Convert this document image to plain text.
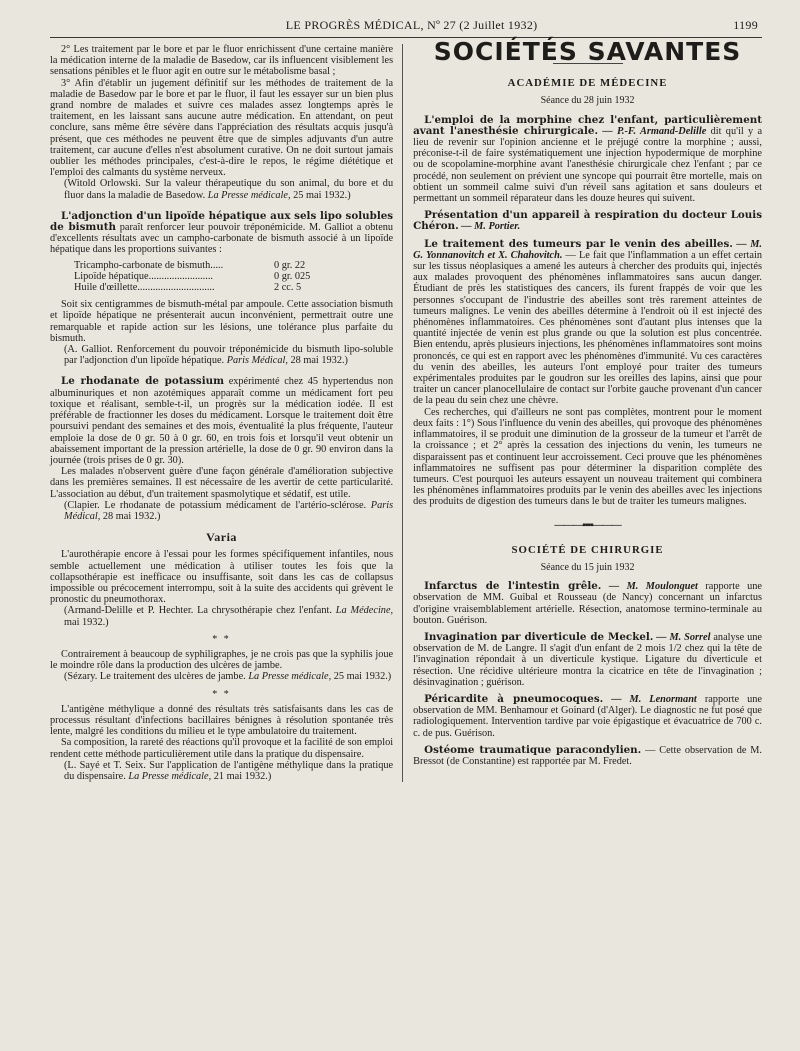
LE PROGRÈS MÉDICAL, Nº 27 (2 Juillet 1932)	1199

2° Les traitement par le bore et par le fluor enrichissent d'une certaine manière la médication interne de la maladie de Basedow, car ils influencent visiblement les sensations pénibles et le fluor agit en outre sur le métabolisme basal ;

3° Afin d'établir un jugement définitif sur les méthodes de traitement de la maladie de Basedow par le bore et par le fluor, il faut les essayer sur un bien plus grand nombre de malades et suivre ces malades assez longtemps après le traitement, en les laissant sans aucune autre médication. En attendant, on peut conclure, sans même être sévère dans l'appréciation des résultats acquis jusqu'à présent, que ces méthodes ne peuvent être que de simples adjuvants d'un autre traitement, car aucune d'elles n'est absolument curative. On ne doit surtout jamais oublier les méthodes principales, c'est-à-dire le repos, le régime diététique et l'emploi des calmants du système nerveux.

(Witold Orlowski. Sur la valeur thérapeutique du son animal, du bore et du fluor dans la maladie de Basedow. La Presse médicale, 25 mai 1932.)

L'adjonction d'un lipoïde hépatique aux sels lipo solubles de bismuth paraît renforcer leur pouvoir tréponémicide. M. Galliot a obtenu d'excellents résultats avec un campho-carbonate de bismuth associé à un lipoïde hépatique dans les proportions suivantes :

Tricampho-carbonate de bismuth.....	0 gr. 22
Lipoïde hépatique.........................	0 gr. 025
Huile d'œillette..............................	2 cc. 5

Soit six centigrammes de bismuth-métal par ampoule. Cette association bismuth et lipoïde hépatique ne présenterait aucun inconvénient, permettrait outre une remarquable et rapide action sur les lésions, une tolérance plus parfaite du bismuth.

(A. Galliot. Renforcement du pouvoir tréponémicide du bismuth lipo-soluble par l'adjonction d'un lipoïde hépatique. Paris Médical, 28 mai 1932.)

Le rhodanate de potassium expérimenté chez 45 hypertendus non albuminuriques et non azotémiques apparaît comme un médicament fort peu toxique et réalisant, semble-t-il, un progrès sur la médication iodée. Il est préférable de fractionner les doses du médicament. Lorsque le traitement doit être poursuivi pendant des semaines et des mois, éventualité la plus fréquente, l'auteur emploie la dose de 0 gr. 50 à 0 gr. 60, en trois fois et lorsqu'il veut obtenir un abaissement important de la pression artérielle, la dose de 0 gr. 90 environ dans la journée (trois prises de 0 gr. 30).

Les malades n'observent guère d'une façon générale d'amélioration subjective dans les premières semaines. Il est nécessaire de les avertir de cette particularité. L'association au début, d'un traitement spasmolytique et sédatif, est utile.

(Clapier. Le rhodanate de potassium médicament de l'artério-sclérose. Paris Médical, 28 mai 1932.)

Varia

L'aurothérapie encore à l'essai pour les formes spécifiquement infantiles, nous semble actuellement une médication à utiliser toutes les fois que la collapsothérapie est inefficace ou insuffisante, soit dans les cas de collapsus impossible ou précocement interrompu, soit à la suite des accidents qui grèvent le pronostic du pneumothorax.

(Armand-Delille et P. Hechter. La chrysothérapie chez l'enfant. La Médecine, mai 1932.)

* *

Contrairement à beaucoup de syphiligraphes, je ne crois pas que la syphilis joue le moindre rôle dans la production des ulcères de jambe.

(Sézary. Le traitement des ulcères de jambe. La Presse médicale, 25 mai 1932.)

* *

L'antigène méthylique a donné des résultats très satisfaisants dans les cas de processus résultant d'infections bacillaires bénignes à résolution spontanée très lente, malgré les conditions du milieu et le type ambulatoire du traitement.

Sa composition, la rareté des réactions qu'il provoque et la facilité de son emploi rendent cette méthode particulièrement utile dans la pratique du dispensaire.

(L. Sayé et T. Seix. Sur l'application de l'antigène méthylique dans la pratique du dispensaire. La Presse médicale, 21 mai 1932.)

SOCIÉTÉS SAVANTES
ACADÉMIE DE MÉDECINE
Séance du 28 juin 1932

L'emploi de la morphine chez l'enfant, particulièrement avant l'anesthésie chirurgicale. — P.-F. Armand-Delille dit qu'il y a lieu de revenir sur l'opinion ancienne et le préjugé contre la morphine ; aussi, préconise-t-il de faire systématiquement une injection hypodermique de morphine ou de scopolamine-morphine avant l'anesthésie chirurgicale chez l'enfant ; par ce procédé, non seulement on prévient une syncope qui pourrait être mortelle, mais on obtient un sommeil calme suivi d'un réveil sans agitation et sans douleurs et permettant un sommeil réparateur dans les douze heures qui suivent.

Présentation d'un appareil à respiration du docteur Louis Chéron. — M. Portier.

Le traitement des tumeurs par le venin des abeilles. — M. G. Yonnanovitch et X. Chahovitch. — Le fait que l'inflammation a un effet certain sur les tissus néoplasiques a amené les auteurs à chercher des produits qui, injectés aux malades provoquent des phénomènes inflammatoires sans aucun danger. Étudiant de près les statistiques des cancers, ils furent frappés de voir que les personnes s'occupant de l'industrie des abeilles sont très rarement atteintes de tumeurs malignes. Le venin des abeilles détermine à l'endroit où il est injecté des phénomènes inflammatoires. Ces phénomènes sont d'autant plus intenses que la quantité injectée de venin est plus grande ou que la solution est plus concentrée. Bien entendu, après plusieurs injections, les phénomènes inflammatoires sont moins prononcés, ce qui est en rapport avec les phénomènes d'immunité. Vu ces caractères du venin des abeilles, les auteurs l'ont employé pour traiter des tumeurs expérimentales produites par le goudron sur les oreilles des lapins, ainsi que pour traiter un cancer planocellulaire de contact sur l'orbite gauche provenant d'un cancer de la peau du sein chez une chèvre.

Ces recherches, qui d'ailleurs ne sont pas complètes, montrent pour le moment deux faits : 1°) Sous l'influence du venin des abeilles, qui provoque des phénomènes inflammatoires, il se produit une diminution de la grosseur de la tumeur et l'arrêt de la croissance ; et 2° après la cessation des injections du venin, les tumeurs ne disparaissent pas et continuent leur accroissement. Ceci prouve que les phénomènes inflammatoires ne suffisent pas pour déterminer la disparition complète des tumeurs. C'est pourquoi les auteurs essayent un nouveau traitement qui combinera les phénomènes inflammatoires produits par le venin des abeilles avec les injections des produits de digestion des tumeurs dans le but de traiter les tumeurs malignes.

———▪▪▪▪———
SOCIÉTÉ DE CHIRURGIE
Séance du 15 juin 1932

Infarctus de l'intestin grêle. — M. Moulonguet rapporte une observation de MM. Guibal et Rousseau (de Nancy) concernant un infarctus d'origine vraisemblablement artérielle. Résection, anatomose termino-terminale au bouton. Guérison.

Invagination par diverticule de Meckel. — M. Sorrel analyse une observation de M. de Langre. Il s'agit d'un enfant de 2 mois 1/2 chez qui la tête de l'invagination répondait à un diverticule kystique. Ligature du diverticule et résection. Une récidive ultérieure montra la cicatrice en tête de l'invagination ; désinvagination ; guérison.

Péricardite à pneumocoques. — M. Lenormant rapporte une observation de MM. Benhamour et Goinard (d'Alger). Le diagnostic ne fut posé que radiologiquement. Intervention tardive par voie épigastique et évacuatrice de 700 c. c. de pus. Guérison.

Ostéome traumatique paracondylien. — Cette observation de M. Bressot (de Constantine) est rapportée par M. Fredet.
